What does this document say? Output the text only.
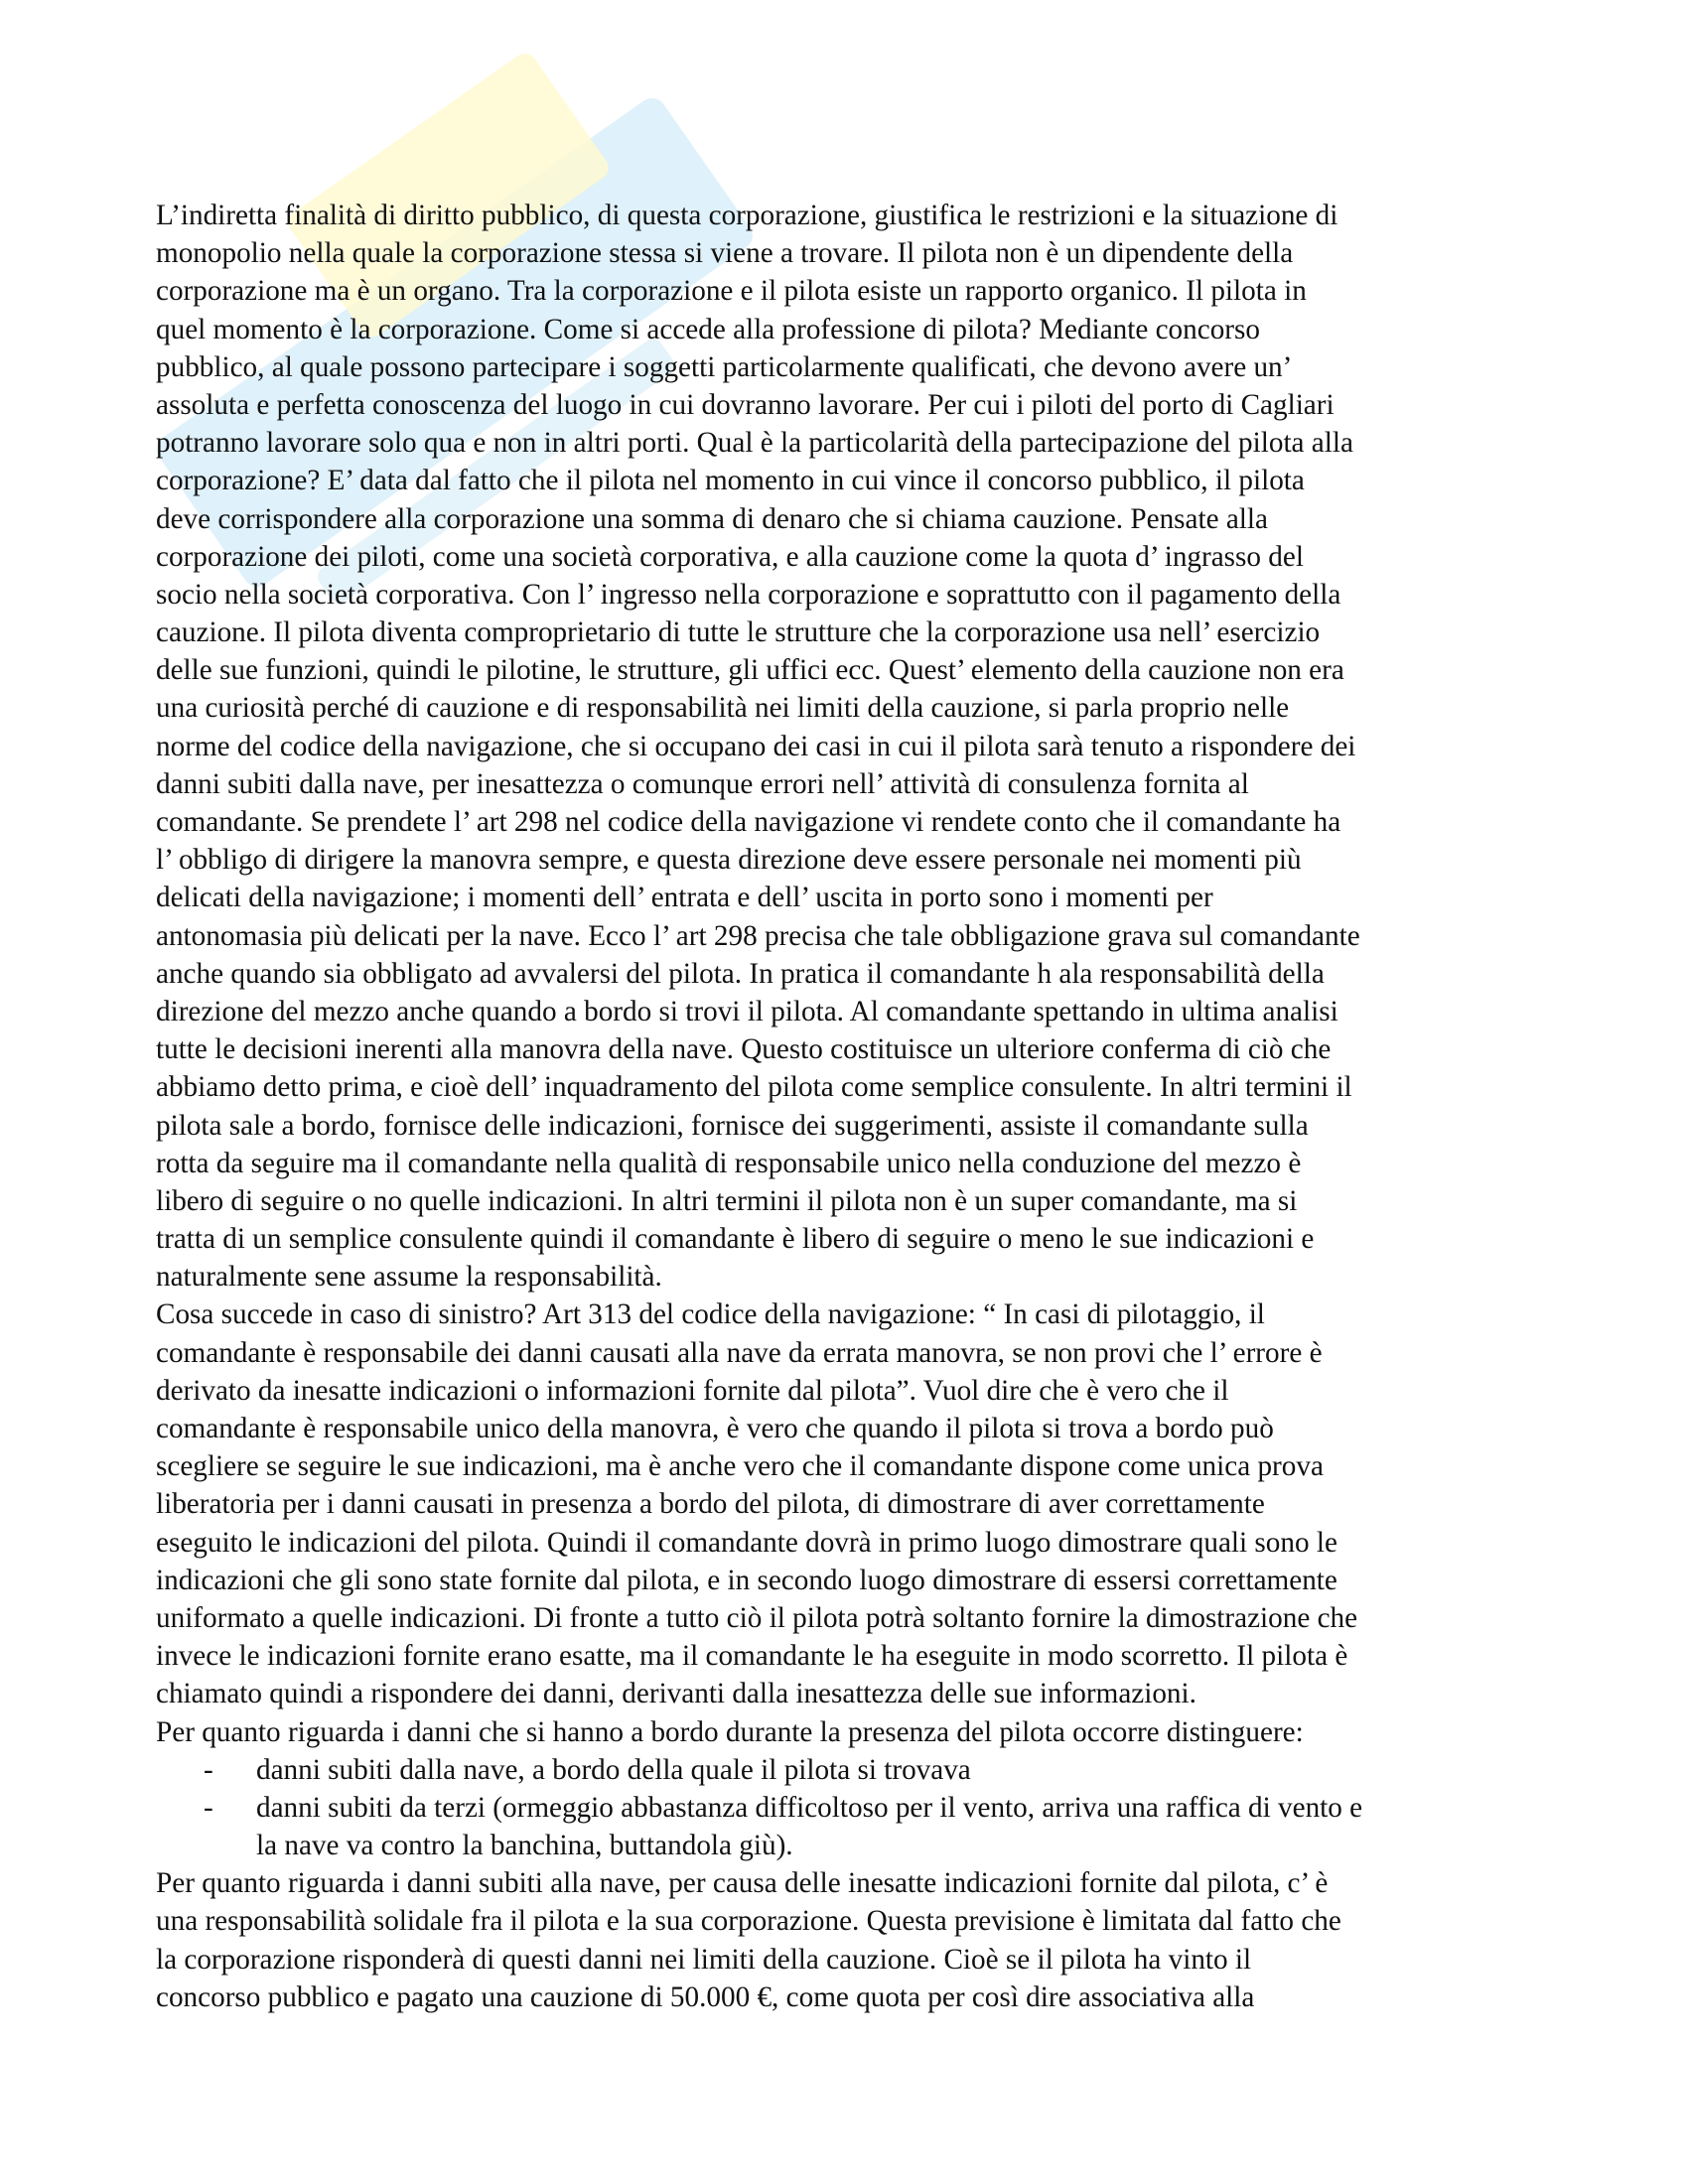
L’indiretta finalità di diritto pubblico, di questa corporazione, giustifica le restrizioni e la situazione di
monopolio nella quale la corporazione stessa si viene a trovare. Il pilota non è un dipendente della
corporazione ma è un organo. Tra la corporazione e il pilota esiste un rapporto organico. Il pilota in
quel momento è la corporazione. Come si accede alla professione di pilota? Mediante concorso
pubblico, al quale possono partecipare i soggetti particolarmente qualificati, che devono avere un’
assoluta e perfetta conoscenza del luogo in cui dovranno lavorare. Per cui i piloti del porto di Cagliari
potranno lavorare solo qua e non in altri porti. Qual è la particolarità della partecipazione del pilota alla
corporazione? E’ data dal fatto che il pilota nel momento in cui vince il concorso pubblico, il pilota
deve corrispondere alla corporazione una somma di denaro che si chiama cauzione. Pensate alla
corporazione dei piloti, come una società corporativa, e alla cauzione come la quota d’ ingrasso del
socio nella società corporativa. Con l’ ingresso nella corporazione e soprattutto con il pagamento della
cauzione. Il pilota diventa comproprietario di tutte le strutture che la corporazione usa nell’ esercizio
delle sue funzioni, quindi le pilotine, le strutture, gli uffici ecc. Quest’ elemento della cauzione non era
una curiosità perché di cauzione e di responsabilità nei limiti della cauzione, si parla proprio nelle
norme del codice della navigazione, che si occupano dei casi in cui il pilota sarà tenuto a rispondere dei
danni subiti dalla nave, per inesattezza o comunque errori nell’ attività di consulenza fornita al
comandante. Se prendete l’ art 298 nel codice della navigazione vi rendete conto che il comandante ha
l’ obbligo di dirigere la manovra sempre, e questa direzione deve essere personale nei momenti più
delicati della navigazione; i momenti dell’ entrata e dell’ uscita in porto sono i momenti per
antonomasia più delicati per la nave. Ecco l’ art 298 precisa che tale obbligazione grava sul comandante
anche quando sia obbligato ad avvalersi del pilota. In pratica il comandante h ala responsabilità della
direzione del mezzo anche quando a bordo si trovi il pilota. Al comandante spettando in ultima analisi
tutte le decisioni inerenti alla manovra della nave. Questo costituisce un ulteriore conferma di ciò che
abbiamo detto prima, e cioè dell’ inquadramento del pilota come semplice consulente. In altri termini il
pilota sale a bordo, fornisce delle indicazioni, fornisce dei suggerimenti, assiste il comandante sulla
rotta da seguire ma il comandante nella qualità di responsabile unico nella conduzione del mezzo è
libero di seguire o no quelle indicazioni. In altri termini il pilota non è un super comandante, ma si
tratta di un semplice consulente quindi il comandante è libero di seguire o meno le sue indicazioni e
naturalmente sene assume la responsabilità.
Cosa succede in caso di sinistro? Art 313 del codice della navigazione: “ In casi di pilotaggio, il
comandante è responsabile dei danni causati alla nave da errata manovra, se non provi che l’ errore è
derivato da inesatte indicazioni o informazioni fornite dal pilota”. Vuol dire che è vero che il
comandante è responsabile unico della manovra, è vero che quando il pilota si trova a bordo può
scegliere se seguire le sue indicazioni, ma è anche vero che il comandante dispone come unica prova
liberatoria per i danni causati in presenza a bordo del pilota, di dimostrare di aver correttamente
eseguito le indicazioni del pilota. Quindi il comandante dovrà in primo luogo dimostrare quali sono le
indicazioni che gli sono state fornite dal pilota, e in secondo luogo dimostrare di essersi correttamente
uniformato a quelle indicazioni. Di fronte a tutto ciò il pilota potrà soltanto fornire la dimostrazione che
invece le indicazioni fornite erano esatte, ma il comandante le ha eseguite in modo scorretto. Il pilota è
chiamato quindi a rispondere dei danni, derivanti dalla inesattezza delle sue informazioni.
Per quanto riguarda i danni che si hanno a bordo durante la presenza del pilota occorre distinguere:
- danni subiti dalla nave, a bordo della quale il pilota si trovava
- danni subiti da terzi (ormeggio abbastanza difficoltoso per il vento, arriva una raffica di vento e
la nave va contro la banchina, buttandola giù).
Per quanto riguarda i danni subiti alla nave, per causa delle inesatte indicazioni fornite dal pilota, c’ è
una responsabilità solidale fra il pilota e la sua corporazione. Questa previsione è limitata dal fatto che
la corporazione risponderà di questi danni nei limiti della cauzione. Cioè se il pilota ha vinto il
concorso pubblico e pagato una cauzione di 50.000 €, come quota per così dire associativa alla
